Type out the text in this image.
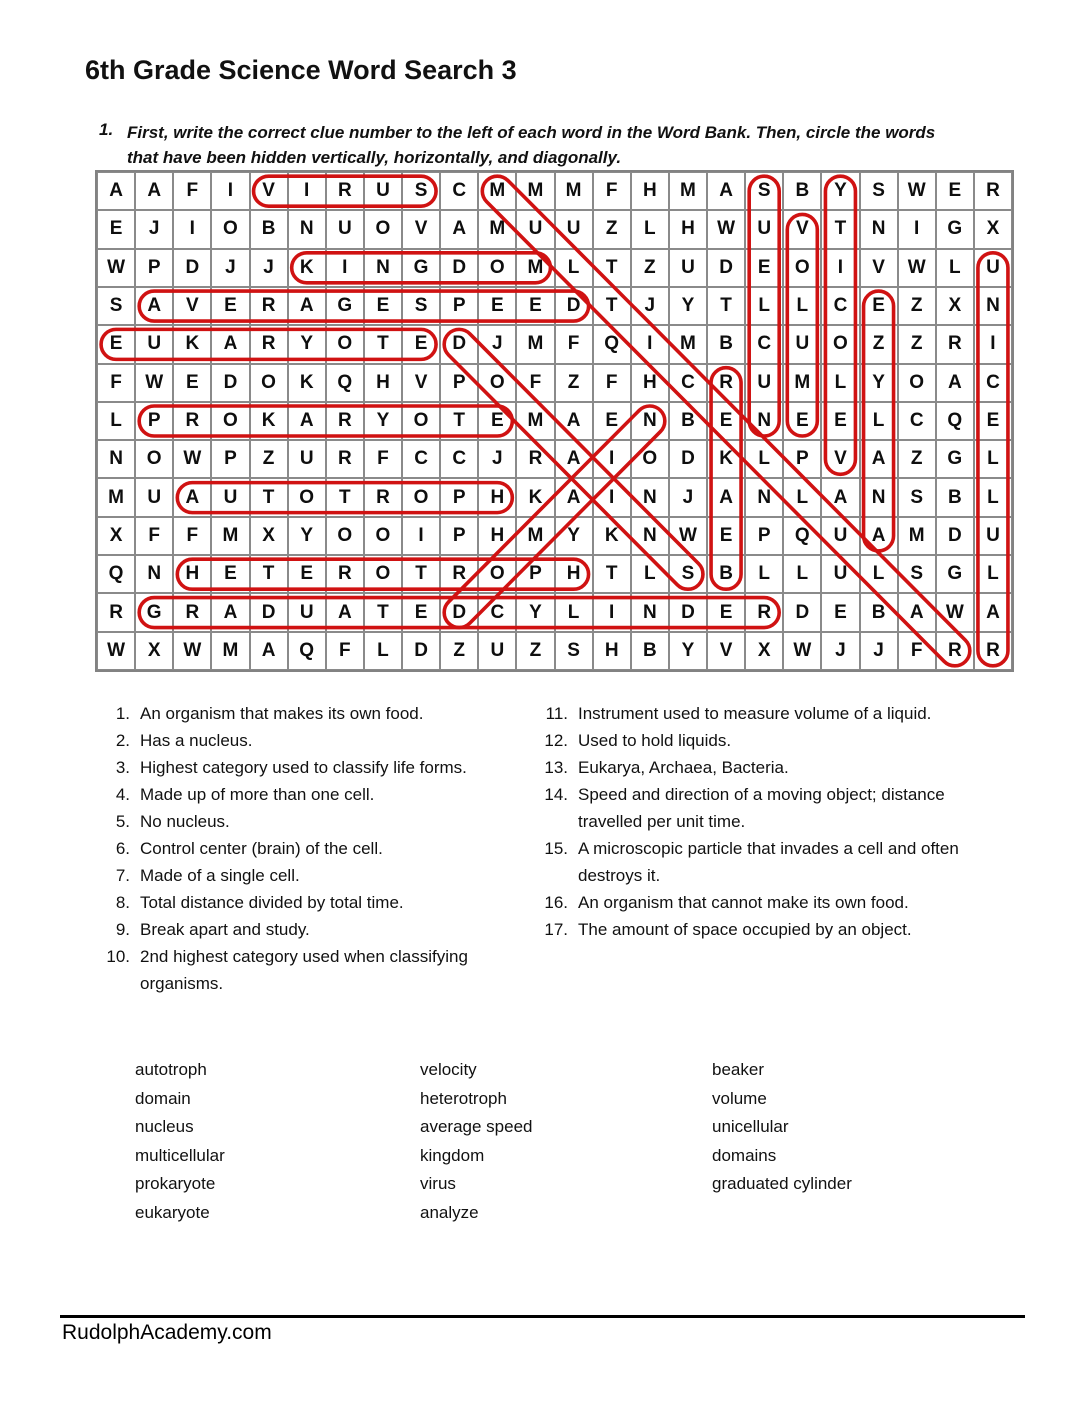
6th Grade Science Word Search 3
1. First, write the correct clue number to the left of each word in the Word Bank. Then, circle the words that have been hidden vertically, horizontally, and diagonally.
A	A	F	I	V	I	R	U	S	C	M	M	M	F	H	M	A	S	B	Y	S	W	E	R
E	J	I	O	B	N	U	O	V	A	M	U	U	Z	L	H	W	U	V	T	N	I	G	X
W	P	D	J	J	K	I	N	G	D	O	M	L	T	Z	U	D	E	O	I	V	W	L	U
S	A	V	E	R	A	G	E	S	P	E	E	D	T	J	Y	T	L	L	C	E	Z	X	N
E	U	K	A	R	Y	O	T	E	D	J	M	F	Q	I	M	B	C	U	O	Z	Z	R	I
F	W	E	D	O	K	Q	H	V	P	O	F	Z	F	H	C	R	U	M	L	Y	O	A	C
L	P	R	O	K	A	R	Y	O	T	E	M	A	E	N	B	E	N	E	E	L	C	Q	E
N	O	W	P	Z	U	R	F	C	C	J	R	A	I	O	D	K	L	P	V	A	Z	G	L
M	U	A	U	T	O	T	R	O	P	H	K	A	I	N	J	A	N	L	A	N	S	B	L
X	F	F	M	X	Y	O	O	I	P	H	M	Y	K	N	W	E	P	Q	U	A	M	D	U
Q	N	H	E	T	E	R	O	T	R	O	P	H	T	L	S	B	L	L	U	L	S	G	L
R	G	R	A	D	U	A	T	E	D	C	Y	L	I	N	D	E	R	D	E	B	A	W	A
W	X	W	M	A	Q	F	L	D	Z	U	Z	S	H	B	Y	V	X	W	J	J	F	R	R
1. An organism that makes its own food.
2. Has a nucleus.
3. Highest category used to classify life forms.
4. Made up of more than one cell.
5. No nucleus.
6. Control center (brain) of the cell.
7. Made of a single cell.
8. Total distance divided by total time.
9. Break apart and study.
10. 2nd highest category used when classifying organisms.
11. Instrument used to measure volume of a liquid.
12. Used to hold liquids.
13. Eukarya, Archaea, Bacteria.
14. Speed and direction of a moving object; distance travelled per unit time.
15. A microscopic particle that invades a cell and often destroys it.
16. An organism that cannot make its own food.
17. The amount of space occupied by an object.
autotroph
domain
nucleus
multicellular
prokaryote
eukaryote
velocity
heterotroph
average speed
kingdom
virus
analyze
beaker
volume
unicellular
domains
graduated cylinder
RudolphAcademy.com
